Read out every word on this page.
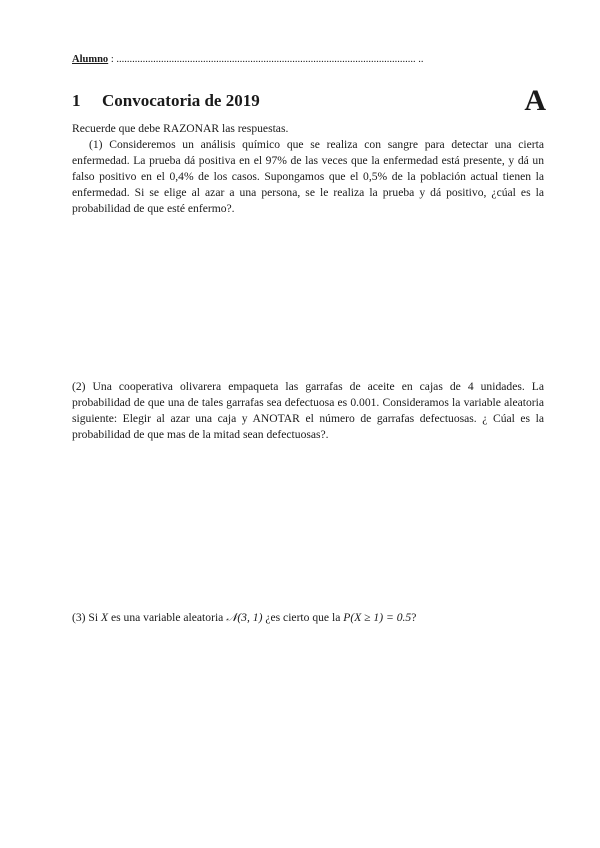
Alumno : .................................................................................................................. ..
1 Convocatoria de 2019	A

Recuerde que debe RAZONAR las respuestas.

(1) Consideremos un análisis químico que se realiza con sangre para detectar una cierta enfermedad. La prueba dá positiva en el 97% de las veces que la enfermedad está presente, y dá un falso positivo en el 0,4% de los casos. Supongamos que el 0,5% de la población actual tienen la enfermedad. Si se elige al azar a una persona, se le realiza la prueba y dá positivo, ¿cúal es la probabilidad de que esté enfermo?.

(2) Una cooperativa olivarera empaqueta las garrafas de aceite en cajas de 4 unidades. La probabilidad de que una de tales garrafas sea defectuosa es 0.001. Consideramos la variable aleatoria siguiente: Elegir al azar una caja y ANOTAR el número de garrafas defectuosas. ¿ Cúal es la probabilidad de que mas de la mitad sean defectuosas?.

(3) Si X es una variable aleatoria 𝒩(3, 1) ¿es cierto que la P(X ≥ 1) = 0.5?
